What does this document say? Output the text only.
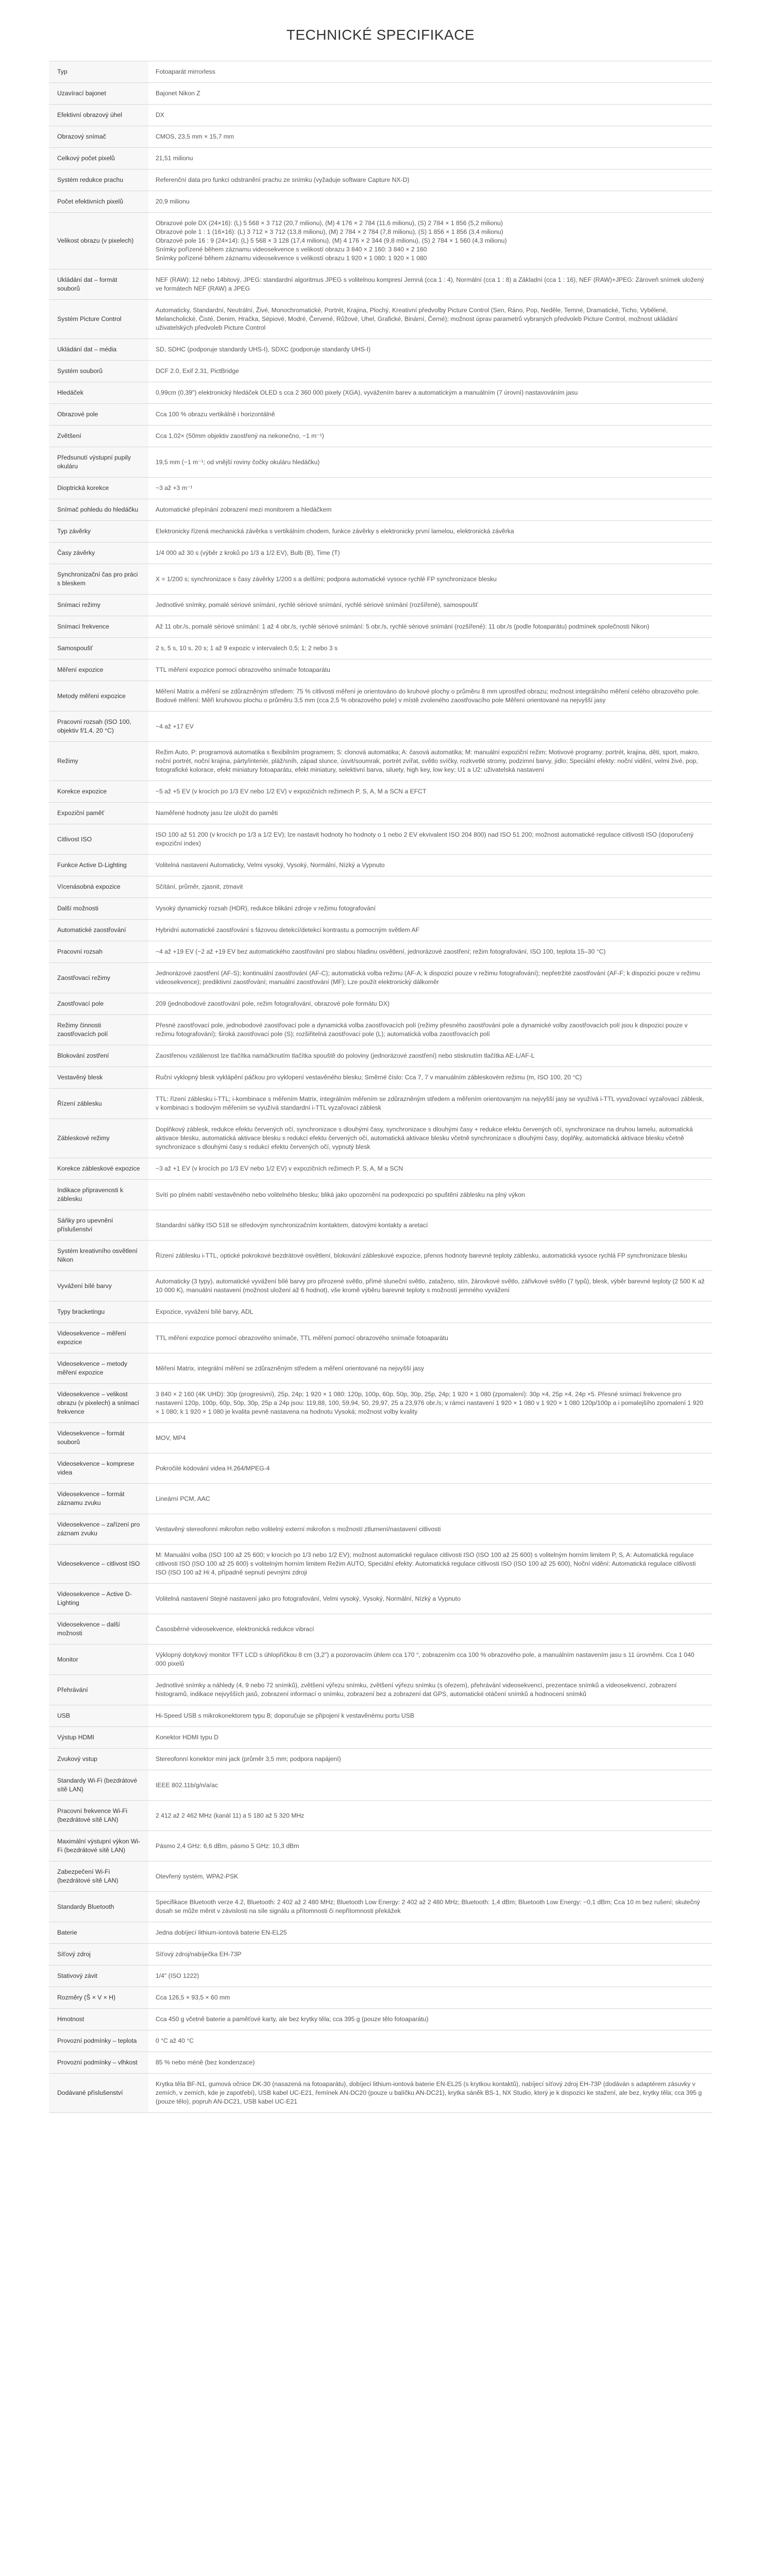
TECHNICKÉ SPECIFIKACE
Typ	Fotoaparát mirrorless

Uzavírací bajonet	Bajonet Nikon Z

Efektivní obrazový úhel	DX

Obrazový snímač	CMOS, 23,5 mm × 15,7 mm

Celkový počet pixelů	21,51 milionu

Systém redukce prachu	Referenční data pro funkci odstranění prachu ze snímku (vyžaduje software Capture NX-D)

Počet efektivních pixelů	20,9 milionu

Velikost obrazu (v pixelech)	Obrazové pole DX (24×16): (L) 5 568 × 3 712 (20,7 milionu), (M) 4 176 × 2 784 (11,6 milionu), (S) 2 784 × 1 856 (5,2 milionu)
Obrazové pole 1 : 1 (16×16): (L) 3 712 × 3 712 (13,8 milionu), (M) 2 784 × 2 784 (7,8 milionu), (S) 1 856 × 1 856 (3,4 milionu)
Obrazové pole 16 : 9 (24×14): (L) 5 568 × 3 128 (17,4 milionu), (M) 4 176 × 2 344 (9,8 milionu), (S) 2 784 × 1 560 (4,3 milionu)
Snímky pořízené během záznamu videosekvence s velikostí obrazu 3 840 × 2 160: 3 840 × 2 160
Snímky pořízené během záznamu videosekvence s velikostí obrazu 1 920 × 1 080: 1 920 × 1 080

Ukládání dat – formát souborů	NEF (RAW): 12 nebo 14bitový, JPEG: standardní algoritmus JPEG s volitelnou kompresí Jemná (cca 1 : 4), Normální (cca 1 : 8) a Základní (cca 1 : 16), NEF (RAW)+JPEG: Zároveň snímek uložený ve formátech NEF (RAW) a JPEG

Systém Picture Control	Automaticky, Standardní, Neutrální, Živé, Monochromatické, Portrét, Krajina, Plochý, Kreativní předvolby Picture Control (Sen, Ráno, Pop, Neděle, Temné, Dramatické, Ticho, Vybělené, Melancholické, Čisté, Denim, Hračka, Sépiové, Modré, Červené, Růžové, Uhel, Grafické, Binární, Černé); možnost úprav parametrů vybraných předvoleb Picture Control, možnost ukládání uživatelských předvoleb Picture Control

Ukládání dat – média	SD, SDHC (podporuje standardy UHS-I), SDXC (podporuje standardy UHS-I)

Systém souborů	DCF 2.0, Exif 2.31, PictBridge

Hledáček	0,99cm (0,39") elektronický hledáček OLED s cca 2 360 000 pixely (XGA), vyvážením barev a automatickým a manuálním (7 úrovní) nastavováním jasu

Obrazové pole	Cca 100 % obrazu vertikálně i horizontálně

Zvětšení	Cca 1,02× (50mm objektiv zaostřený na nekonečno, −1 m⁻¹)

Předsunutí výstupní pupily okuláru	19,5 mm (−1 m⁻¹; od vnější roviny čočky okuláru hledáčku)

Dioptrická korekce	−3 až +3 m⁻¹

Snímač pohledu do hledáčku	Automatické přepínání zobrazení mezi monitorem a hledáčkem

Typ závěrky	Elektronicky řízená mechanická závěrka s vertikálním chodem, funkce závěrky s elektronicky první lamelou, elektronická závěrka

Časy závěrky	1/4 000 až 30 s (výběr z kroků po 1/3 a 1/2 EV), Bulb (B), Time (T)

Synchronizační čas pro práci s bleskem	X = 1/200 s; synchronizace s časy závěrky 1/200 s a delšími; podpora automatické vysoce rychlé FP synchronizace blesku

Snímací režimy	Jednotlivé snímky, pomalé sériové snímání, rychlé sériové snímání, rychlé sériové snímání (rozšířené), samospoušť

Snímací frekvence	Až 11 obr./s, pomalé sériové snímání: 1 až 4 obr./s, rychlé sériové snímání: 5 obr./s, rychlé sériové snímání (rozšířené): 11 obr./s (podle fotoaparátu) podmínek společnosti Nikon)

Samospoušť	2 s, 5 s, 10 s, 20 s; 1 až 9 expozic v intervalech 0,5; 1; 2 nebo 3 s

Měření expozice	TTL měření expozice pomocí obrazového snímače fotoaparátu

Metody měření expozice	Měření Matrix a měření se zdůrazněným středem: 75 % citlivosti měření je orientováno do kruhové plochy o průměru 8 mm uprostřed obrazu; možnost integrálního měření celého obrazového pole. Bodové měření: Měří kruhovou plochu o průměru 3,5 mm (cca 2,5 % obrazového pole) v místě zvoleného zaostřovacího pole Měření orientované na nejvyšší jasy

Pracovní rozsah (ISO 100, objektiv f/1,4, 20 °C)	−4 až +17 EV

Režimy	Režim Auto, P: programová automatika s flexibilním programem; S: clonová automatika; A: časová automatika; M: manuální expoziční režim; Motivové programy: portrét, krajina, děti, sport, makro, noční portrét, noční krajina, párty/interiér, pláž/sníh, západ slunce, úsvit/soumrak, portrét zvířat, světlo svíčky, rozkvetlé stromy, podzimní barvy, jídlo; Speciální efekty: noční vidění, velmi živé, pop, fotografické kolorace, efekt miniatury fotoaparátu, efekt miniatury, selektivní barva, siluety, high key, low key; U1 a U2: uživatelská nastavení

Korekce expozice	−5 až +5 EV (v krocích po 1/3 EV nebo 1/2 EV) v expozičních režimech P, S, A, M a SCN a EFCT

Expoziční paměť	Naměřené hodnoty jasu lze uložit do paměti

Citlivost ISO	ISO 100 až 51 200 (v krocích po 1/3 a 1/2 EV); lze nastavit hodnoty ho hodnoty o 1 nebo 2 EV ekvivalent ISO 204 800) nad ISO 51 200; možnost automatické regulace citlivosti ISO (doporučený expoziční index)

Funkce Active D-Lighting	Volitelná nastavení Automaticky, Velmi vysoký, Vysoký, Normální, Nízký a Vypnuto

Vícenásobná expozice	Sčítání, průměr, zjasnit, ztmavit

Další možnosti	Vysoký dynamický rozsah (HDR), redukce blikání zdroje v režimu fotografování

Automatické zaostřování	Hybridní automatické zaostřování s fázovou detekcí/detekcí kontrastu a pomocným světlem AF

Pracovní rozsah	−4 až +19 EV (−2 až +19 EV bez automatického zaostřování pro slabou hladinu osvětlení, jednorázové zaostření; režim fotografování, ISO 100, teplota 15–30 °C)

Zaostřovací režimy	Jednorázové zaostření (AF-S); kontinuální zaostřování (AF-C); automatická volba režimu (AF-A; k dispozici pouze v režimu fotografování); nepřetržité zaostřování (AF-F; k dispozici pouze v režimu videosekvence); prediktivní zaostřování; manuální zaostřování (MF); Lze použít elektronický dálkoměr

Zaostřovací pole	209 (jednobodové zaostřování pole, režim fotografování, obrazové pole formátu DX)

Režimy činnosti zaostřovacích polí	Přesné zaostřovací pole, jednobodové zaostřovací pole a dynamická volba zaostřovacích polí (režimy přesného zaostřování pole a dynamické volby zaostřovacích polí jsou k dispozici pouze v režimu fotografování); široká zaostřovací pole (S); rozšiřitelná zaostřovací pole (L); automatická volba zaostřovacích polí

Blokování zostření	Zaostřenou vzdálenost lze tlačítka namáčknutím tlačítka spouště do poloviny (jednorázové zaostření) nebo stisknutím tlačítka AE-L/AF-L

Vestavěný blesk	Ruční vyklopný blesk vyklápění páčkou pro vyklopení vestavěného blesku; Směrné číslo: Cca 7, 7 v manuálním zábleskovém režimu (m, ISO 100, 20 °C)

Řízení záblesku	TTL: řízení záblesku i-TTL; i-kombinace s měřením Matrix, integrálním měřením se zdůrazněným středem a měřením orientovaným na nejvyšší jasy se využívá i-TTL vyvažovací vyzařovací záblesk, v kombinaci s bodovým měřením se využívá standardní i-TTL vyzařovací záblesk

Zábleskové režimy	Doplňkový záblesk, redukce efektu červených očí, synchronizace s dlouhými časy, synchronizace s dlouhými časy + redukce efektu červených očí, synchronizace na druhou lamelu, automatická aktivace blesku, automatická aktivace blesku s redukcí efektu červených očí, automatická aktivace blesku včetně synchronizace s dlouhými časy, doplňky, automatická aktivace blesku včetně synchronizace s dlouhými časy s redukcí efektu červených očí, vypnutý blesk

Korekce zábleskové expozice	−3 až +1 EV (v krocích po 1/3 EV nebo 1/2 EV) v expozičních režimech P, S, A, M a SCN

Indikace připravenosti k záblesku	Svítí po plném nabití vestavěného nebo volitelného blesku; bliká jako upozornění na podexpozici po spuštění záblesku na plný výkon

Sáňky pro upevnění příslušenství	Standardní sáňky ISO 518 se středovým synchronizačním kontaktem, datovými kontakty a aretací

Systém kreativního osvětlení Nikon	Řízení záblesku i-TTL, optické pokrokové bezdrátové osvětlení, blokování zábleskové expozice, přenos hodnoty barevné teploty záblesku, automatická vysoce rychlá FP synchronizace blesku

Vyvážení bílé barvy	Automaticky (3 typy), automatické vyvážení bílé barvy pro přirozené světlo, přímé sluneční světlo, zataženo, stín, žárovkové světlo, zářivkové světlo (7 typů), blesk, výběr barevné teploty (2 500 K až 10 000 K), manuální nastavení (možnost uložení až 6 hodnot), vše kromě výběru barevné teploty s možností jemného vyvážení

Typy bracketingu	Expozice, vyvážení bílé barvy, ADL

Videosekvence – měření expozice	TTL měření expozice pomocí obrazového snímače, TTL měření pomocí obrazového snímače fotoaparátu

Videosekvence – metody měření expozice	Měření Matrix, integrální měření se zdůrazněným středem a měření orientované na nejvyšší jasy

Videosekvence – velikost obrazu (v pixelech) a snímací frekvence	3 840 × 2 160 (4K UHD): 30p (progresivní), 25p, 24p; 1 920 × 1 080: 120p, 100p, 60p, 50p, 30p, 25p, 24p; 1 920 × 1 080 (zpomalení): 30p ×4, 25p ×4, 24p ×5. Přesné snímací frekvence pro nastavení 120p, 100p, 60p, 50p, 30p, 25p a 24p jsou: 119,88, 100, 59,94, 50, 29,97, 25 a 23,976 obr./s; v rámci nastavení 1 920 × 1 080 v 1 920 × 1 080 120p/100p a i pomalejšího zpomalení 1 920 × 1 080; k 1 920 × 1 080 je kvalita pevně nastavena na hodnotu Vysoká; možnost volby kvality

Videosekvence – formát souborů	MOV, MP4

Videosekvence – komprese videa	Pokročilé kódování videa H.264/MPEG-4

Videosekvence – formát záznamu zvuku	Lineární PCM, AAC

Videosekvence – zařízení pro záznam zvuku	Vestavěný stereofonní mikrofon nebo volitelný externí mikrofon s možností ztlumení/nastavení citlivosti

Videosekvence – citlivost ISO	M: Manuální volba (ISO 100 až 25 600; v krocích po 1/3 nebo 1/2 EV); možnost automatické regulace citlivosti ISO (ISO 100 až 25 600) s volitelným horním limitem P, S, A: Automatická regulace citlivosti ISO (ISO 100 až 25 600) s volitelným horním limitem Režim AUTO, Speciální efekty: Automatická regulace citlivosti ISO (ISO 100 až 25 600), Noční vidění: Automatická regulace citlivosti ISO (ISO 100 až Hi 4, případně sepnutí pevnými zdroji

Videosekvence – Active D-Lighting	Volitelná nastavení Stejné nastavení jako pro fotografování, Velmi vysoký, Vysoký, Normální, Nízký a Vypnuto

Videosekvence – další možnosti	Časosběrné videosekvence, elektronická redukce vibrací

Monitor	Výklopný dotykový monitor TFT LCD s úhlopříčkou 8 cm (3,2") a pozorovacím úhlem cca 170 °, zobrazením cca 100 % obrazového pole, a manuálním nastavením jasu s 11 úrovněmi. Cca 1 040 000 pixelů

Přehrávání	Jednotlivé snímky a náhledy (4, 9 nebo 72 snímků), zvětšení výřezu snímku, zvětšení výřezu snímku (s ořezem), přehrávání videosekvencí, prezentace snímků a videosekvencí, zobrazení histogramů, indikace nejvyšších jasů, zobrazení informací o snímku, zobrazení bez a zobrazení dat GPS, automatické otáčení snímků a hodnocení snímků

USB	Hi-Speed USB s mikrokonektorem typu B; doporučuje se připojení k vestavěnému portu USB

Výstup HDMI	Konektor HDMI typu D

Zvukový vstup	Stereofonní konektor mini jack (průměr 3,5 mm; podpora napájení)

Standardy Wi-Fi (bezdrátové sítě LAN)	IEEE 802.11b/g/n/a/ac

Pracovní frekvence Wi-Fi (bezdrátové sítě LAN)	2 412 až 2 462 MHz (kanál 11) a 5 180 až 5 320 MHz

Maximální výstupní výkon Wi-Fi (bezdrátové sítě LAN)	Pásmo 2,4 GHz: 6,6 dBm, pásmo 5 GHz: 10,3 dBm

Zabezpečení Wi-Fi (bezdrátové sítě LAN)	Otevřený systém, WPA2-PSK

Standardy Bluetooth	Specifikace Bluetooth verze 4.2, Bluetooth: 2 402 až 2 480 MHz; Bluetooth Low Energy: 2 402 až 2 480 MHz; Bluetooth: 1,4 dBm; Bluetooth Low Energy: −0,1 dBm; Cca 10 m bez rušení; skutečný dosah se může měnit v závislosti na síle signálu a přítomnosti či nepřítomnosti překážek

Baterie	Jedna dobíjecí lithium-iontová baterie EN-EL25

Síťový zdroj	Síťový zdroj/nabíječka EH-73P

Stativový závit	1/4" (ISO 1222)

Rozměry (Š × V × H)	Cca 126,5 × 93,5 × 60 mm

Hmotnost	Cca 450 g včetně baterie a paměťové karty, ale bez krytky těla; cca 395 g (pouze tělo fotoaparátu)

Provozní podmínky – teplota	0 °C až 40 °C

Provozní podmínky – vlhkost	85 % nebo méně (bez kondenzace)

Dodávané příslušenství	Krytka těla BF-N1, gumová očnice DK-30 (nasazená na fotoaparátu), dobíjecí lithium-iontová baterie EN-EL25 (s krytkou kontaktů), nabíjecí síťový zdroj EH-73P (dodáván s adaptérem zásuvky v zemích, v zemích, kde je zapotřebí), USB kabel UC-E21, řemínek AN-DC20 (pouze u balíčku AN-DC21), krytka sáněk BS-1, NX Studio, který je k dispozici ke stažení, ale bez, krytky těla; cca 395 g (pouze tělo), popruh AN-DC21, USB kabel UC-E21
